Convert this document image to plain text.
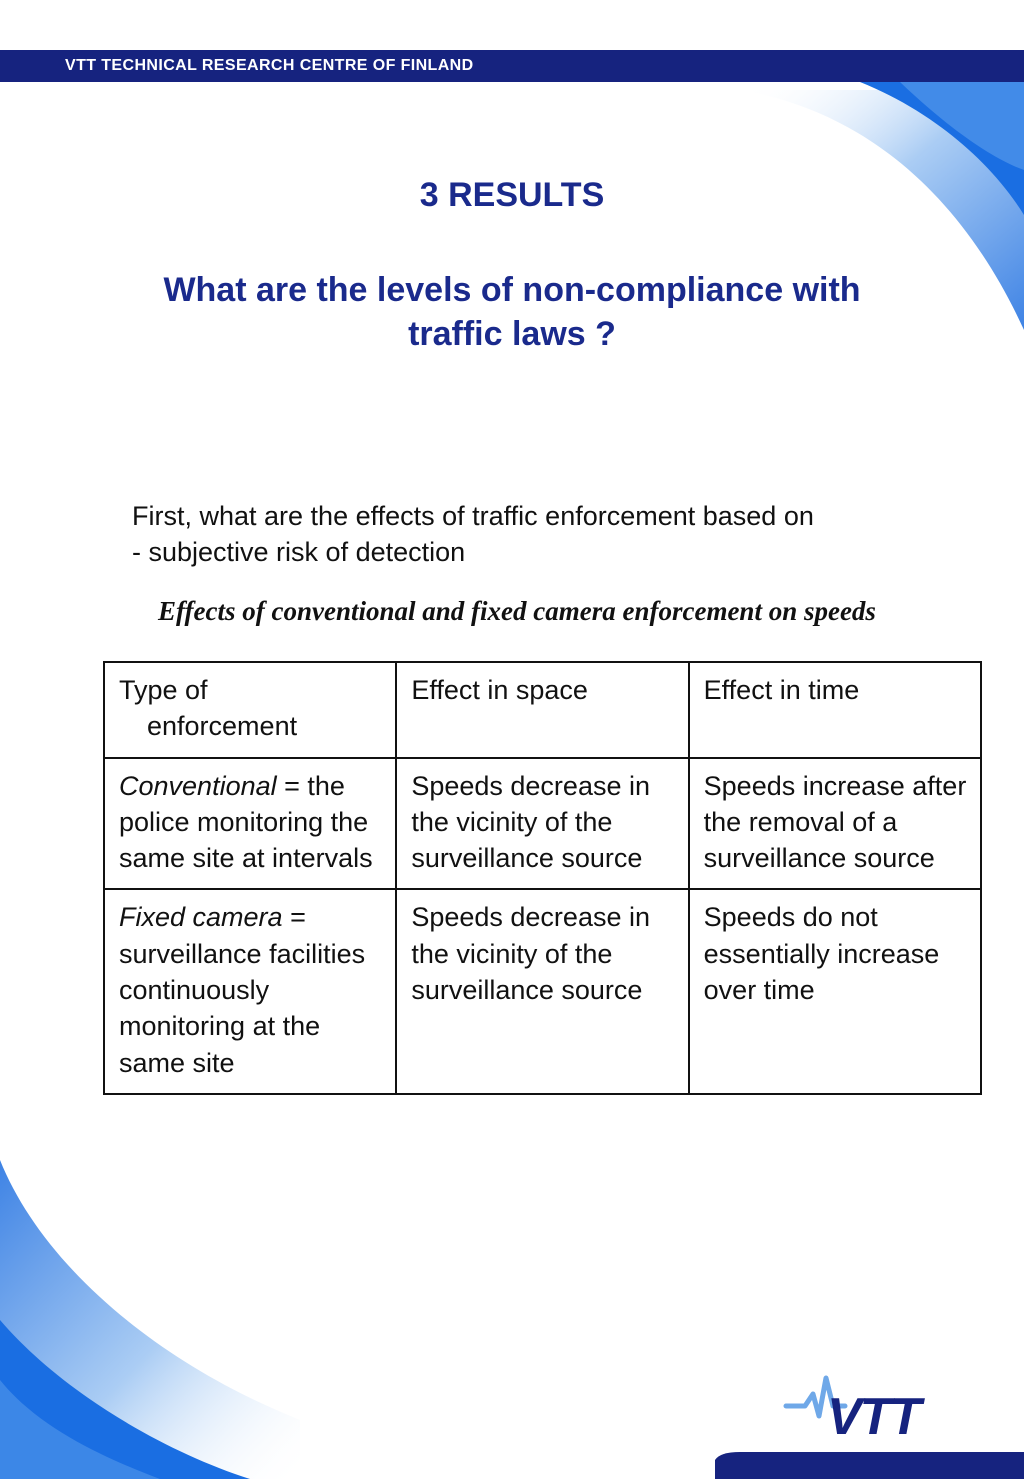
VTT TECHNICAL RESEARCH CENTRE OF FINLAND
3 RESULTS
What are the levels of non-compliance with traffic laws ?
First, what are the effects of traffic enforcement based on
- subjective risk of detection
Effects of conventional and fixed camera enforcement on speeds
Type of
enforcement	Effect in space	Effect in time
Conventional = the police monitoring the same site at intervals	Speeds decrease in the vicinity of the surveillance source	Speeds increase after the removal of a surveillance source
Fixed camera = surveillance facilities continuously monitoring at the same site	Speeds decrease in the vicinity of the surveillance source	Speeds do not essentially increase over time
VTT
